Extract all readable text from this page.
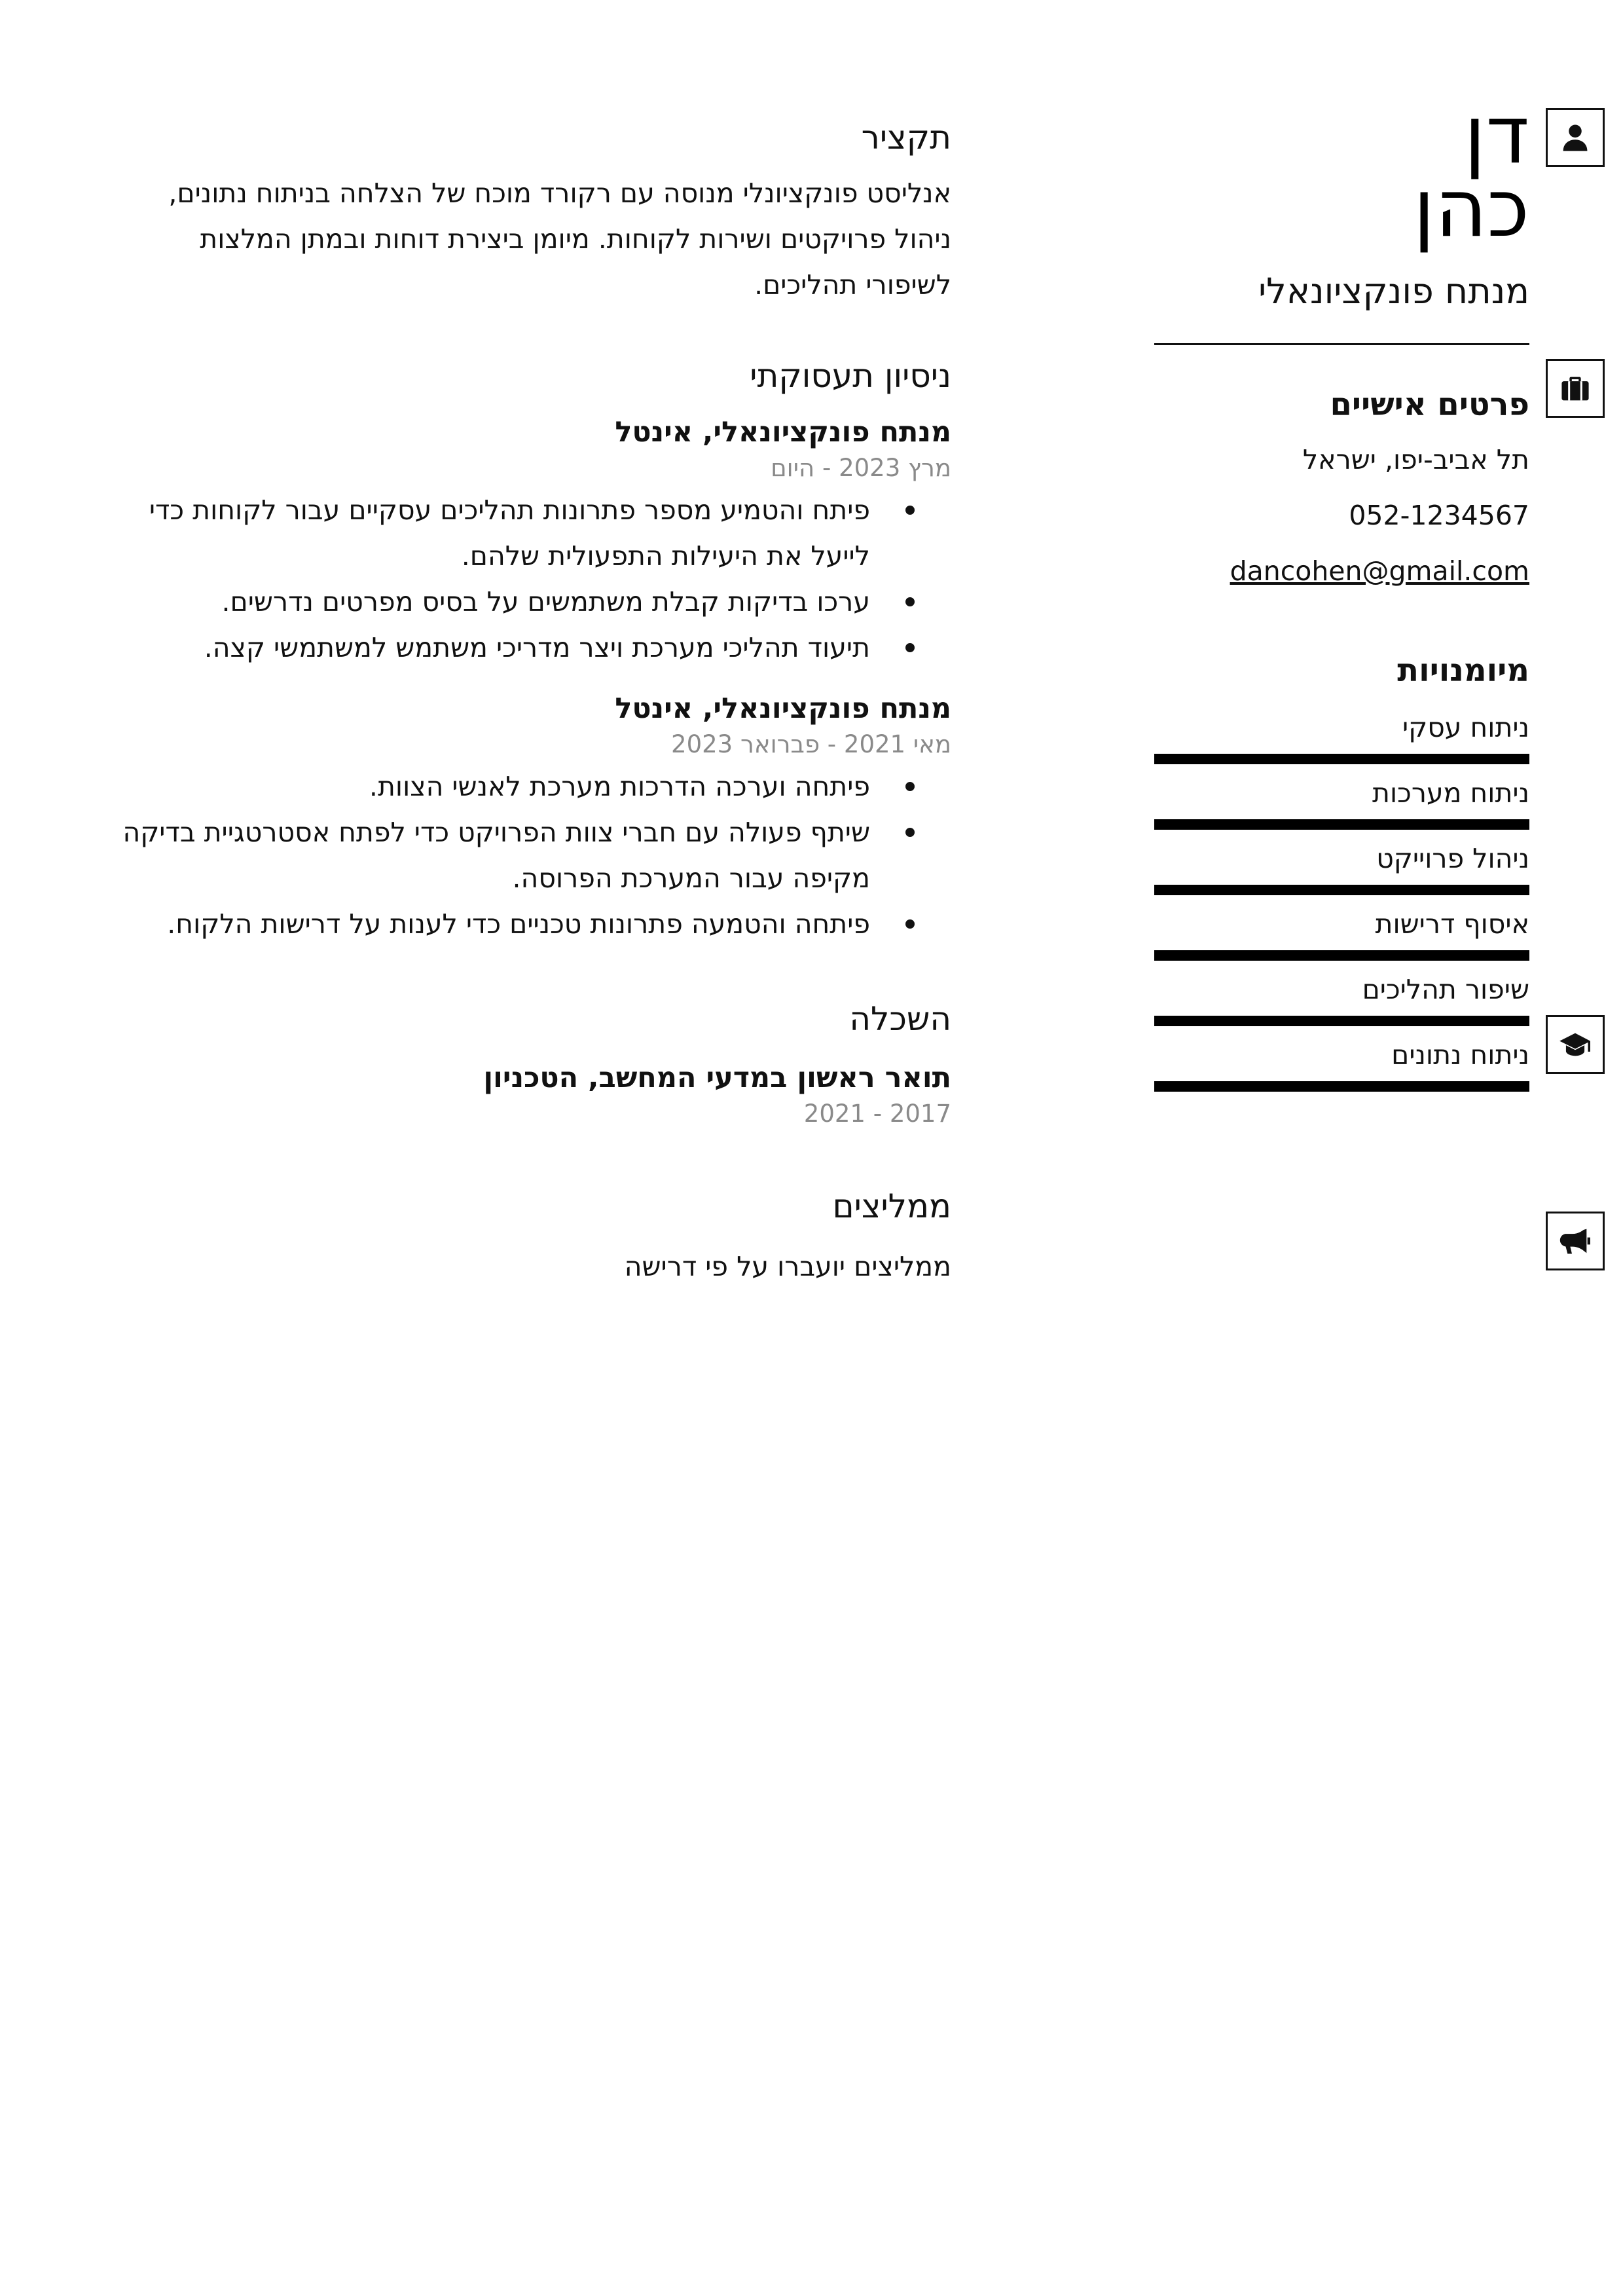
דן
כהן
מנתח פונקציונאלי
פרטים אישיים
תל אביב-יפו, ישראל
052-1234567
dancohen@gmail.com
מיומנויות
ניתוח עסקי
ניתוח מערכות
ניהול פרוייקט
איסוף דרישות
שיפור תהליכים
ניתוח נתונים
תקציר

אנליסט פונקציונלי מנוסה עם רקורד מוכח של הצלחה בניתוח נתונים, ניהול פרויקטים ושירות לקוחות. מיומן ביצירת דוחות ובמתן המלצות לשיפורי תהליכים.

ניסיון תעסוקתי
מנתח פונקציונאלי, אינטל
מרץ 2023 - היום
פיתח והטמיע מספר פתרונות תהליכים עסקיים עבור לקוחות כדי לייעל את היעילות התפעולית שלהם.
ערכו בדיקות קבלת משתמשים על בסיס מפרטים נדרשים.
תיעוד תהליכי מערכת ויצר מדריכי משתמש למשתמשי קצה.
מנתח פונקציונאלי, אינטל
מאי 2021 - פברואר 2023
פיתחה וערכה הדרכות מערכת לאנשי הצוות.
שיתף פעולה עם חברי צוות הפרויקט כדי לפתח אסטרטגיית בדיקה מקיפה עבור המערכת הפרוסה.
פיתחה והטמעה פתרונות טכניים כדי לענות על דרישות הלקוח.
השכלה
תואר ראשון במדעי המחשב, הטכניון
2017 - 2021
ממליצים
ממליצים יועברו על פי דרישה
